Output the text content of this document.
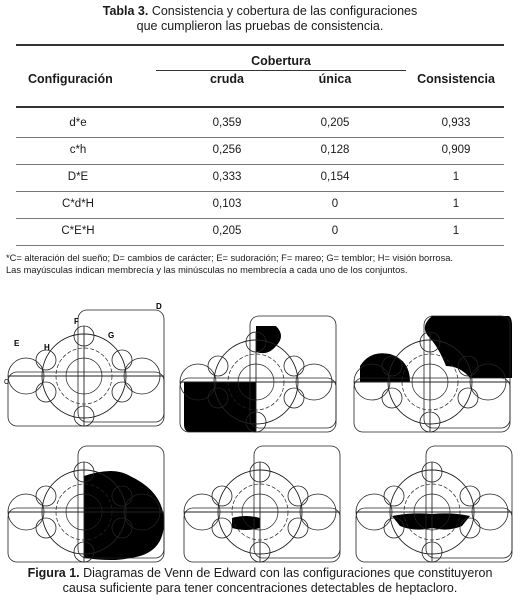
Tabla 3. Consistencia y cobertura de las configuraciones
que cumplieron las pruebas de consistencia.
Cobertura
Configuración	cruda	única	Consistencia
d*e	0,359	0,205	0,933
c*h	0,256	0,128	0,909
D*E	0,333	0,154	1
C*d*H	0,103	0	1
C*E*H	0,205	0	1
*C= alteración del sueño; D= cambios de carácter; E= sudoración; F= mareo; G= temblor; H= visión borrosa.
Las mayúsculas indican membrecía y las minúsculas no membrecía a cada uno de los conjuntos.
D
F
E
G
H
C
Figura 1. Diagramas de Venn de Edward con las configuraciones que constituyeron
causa suficiente para tener concentraciones detectables de heptacloro.
